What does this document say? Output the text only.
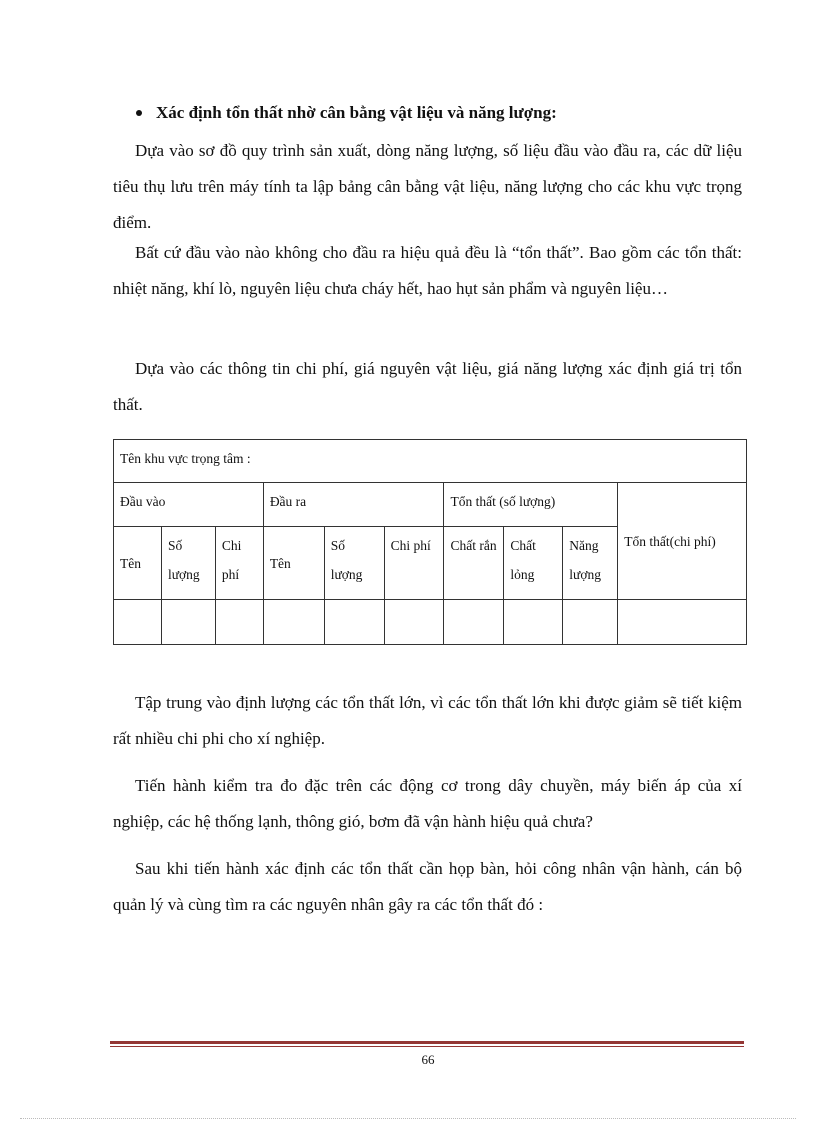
Xác định tổn thất nhờ cân bằng vật liệu và năng lượng:

Dựa vào sơ đồ quy trình sản xuất, dòng năng lượng, số liệu đầu vào đầu ra, các dữ liệu tiêu thụ lưu trên máy tính ta lập bảng cân bằng vật liệu, năng lượng cho các khu vực trọng điểm.

Bất cứ đầu vào nào không cho đầu ra hiệu quả đều là “tổn thất”. Bao gồm các tổn thất: nhiệt năng, khí lò, nguyên liệu chưa cháy hết, hao hụt sản phẩm và nguyên liệu…

Dựa vào các thông tin chi phí, giá nguyên vật liệu, giá năng lượng xác định giá trị tổn thất.

Tên khu vực trọng tâm :									
Đầu vào			Đầu ra			Tổn thất (số lượng)			Tổn thất(chi phí)
Tên	Số lượng	Chi phí	Tên	Số lượng	Chi phí	Chất rắn	Chất lỏng	Năng lượng	

Tập trung vào định lượng các tổn thất lớn, vì các tổn thất lớn khi được giảm sẽ tiết kiệm rất nhiều chi phi cho xí nghiệp.

Tiến hành kiểm tra đo đặc trên các động cơ trong dây chuyền, máy biến áp của xí nghiệp, các hệ thống lạnh, thông gió, bơm đã vận hành hiệu quả chưa?

Sau khi tiến hành xác định các tổn thất cần họp bàn, hỏi công nhân vận hành, cán bộ quản lý và cùng tìm ra các nguyên nhân gây ra các tổn thất đó :

66
